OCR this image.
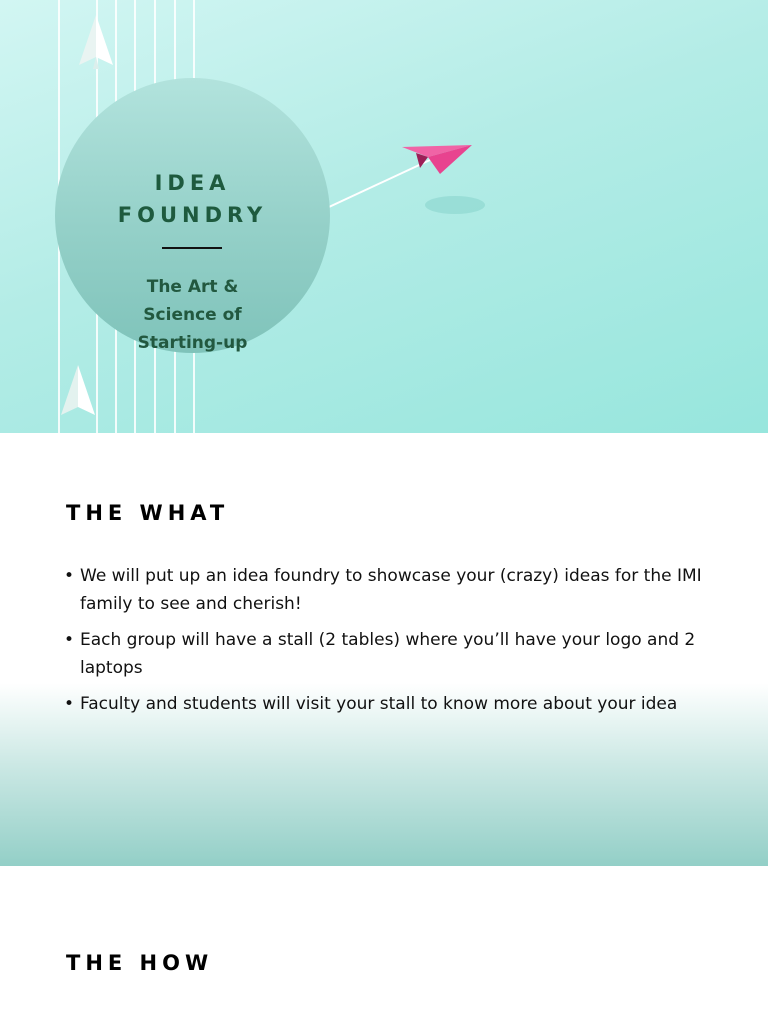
IDEA
FOUNDRY

The Art &
Science of
Starting-up

THE WHAT
• We will put up an idea foundry to showcase your (crazy) ideas for the IMI family to see and cherish!
• Each group will have a stall (2 tables) where you’ll have your logo and 2 laptops
• Faculty and students will visit your stall to know more about your idea
THE HOW
